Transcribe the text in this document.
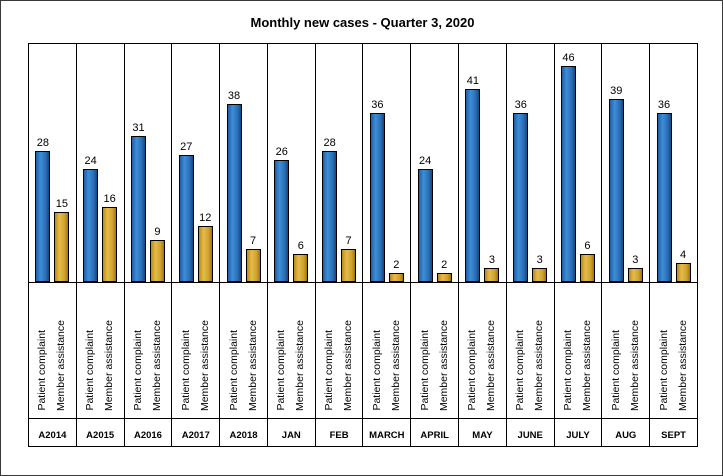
Monthly new cases - Quarter 3, 2020
28
15
24
16
31
9
27
12
38
7
26
6
28
7
36
2
24
2
41
3
36
3
46
6
39
3
36
4
Patient complaint Member assistance
A2014
Patient complaint Member assistance
A2015
Patient complaint Member assistance
A2016
Patient complaint Member assistance
A2017
Patient complaint Member assistance
A2018
Patient complaint Member assistance
JAN
Patient complaint Member assistance
FEB
Patient complaint Member assistance
MARCH
Patient complaint Member assistance
APRIL
Patient complaint Member assistance
MAY
Patient complaint Member assistance
JUNE
Patient complaint Member assistance
JULY
Patient complaint Member assistance
AUG
Patient complaint Member assistance
SEPT
